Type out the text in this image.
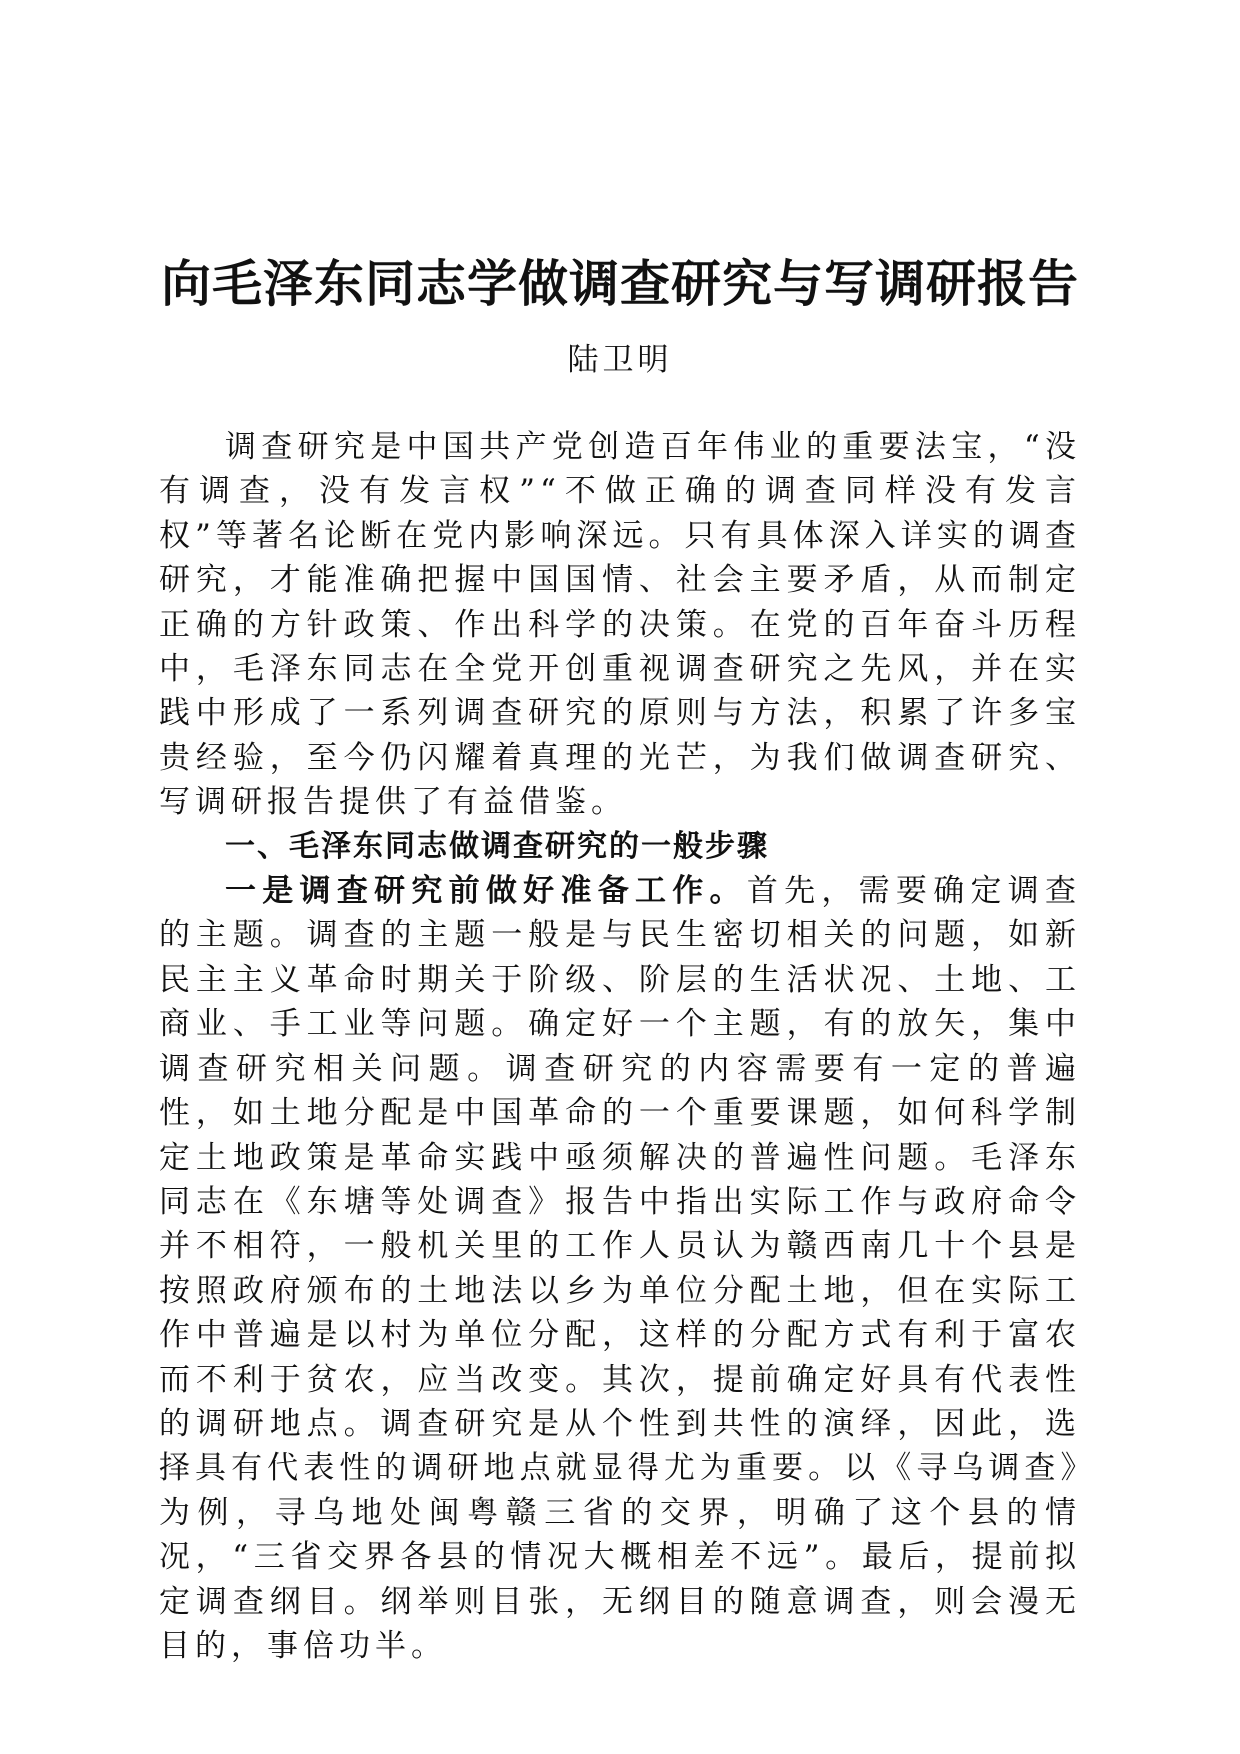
向毛泽东同志学做调查研究与写调研报告
陆卫明

调查研究是中国共产党创造百年伟业的重要法宝，“没有调查，没有发言权”“不做正确的调查同样没有发言权”等著名论断在党内影响深远。只有具体深入详实的调查研究，才能准确把握中国国情、社会主要矛盾，从而制定正确的方针政策、作出科学的决策。在党的百年奋斗历程中，毛泽东同志在全党开创重视调查研究之先风，并在实践中形成了一系列调查研究的原则与方法，积累了许多宝贵经验，至今仍闪耀着真理的光芒，为我们做调查研究、写调研报告提供了有益借鉴。

一、毛泽东同志做调查研究的一般步骤

一是调查研究前做好准备工作。首先，需要确定调查的主题。调查的主题一般是与民生密切相关的问题，如新民主主义革命时期关于阶级、阶层的生活状况、土地、工商业、手工业等问题。确定好一个主题，有的放矢，集中调查研究相关问题。调查研究的内容需要有一定的普遍性，如土地分配是中国革命的一个重要课题，如何科学制定土地政策是革命实践中亟须解决的普遍性问题。毛泽东同志在《东塘等处调查》报告中指出实际工作与政府命令并不相符，一般机关里的工作人员认为赣西南几十个县是按照政府颁布的土地法以乡为单位分配土地，但在实际工作中普遍是以村为单位分配，这样的分配方式有利于富农而不利于贫农，应当改变。其次，提前确定好具有代表性的调研地点。调查研究是从个性到共性的演绎，因此，选择具有代表性的调研地点就显得尤为重要。以《寻乌调查》为例，寻乌地处闽粤赣三省的交界，明确了这个县的情况，“三省交界各县的情况大概相差不远”。最后，提前拟定调查纲目。纲举则目张，无纲目的随意调查，则会漫无目的，事倍功半。
